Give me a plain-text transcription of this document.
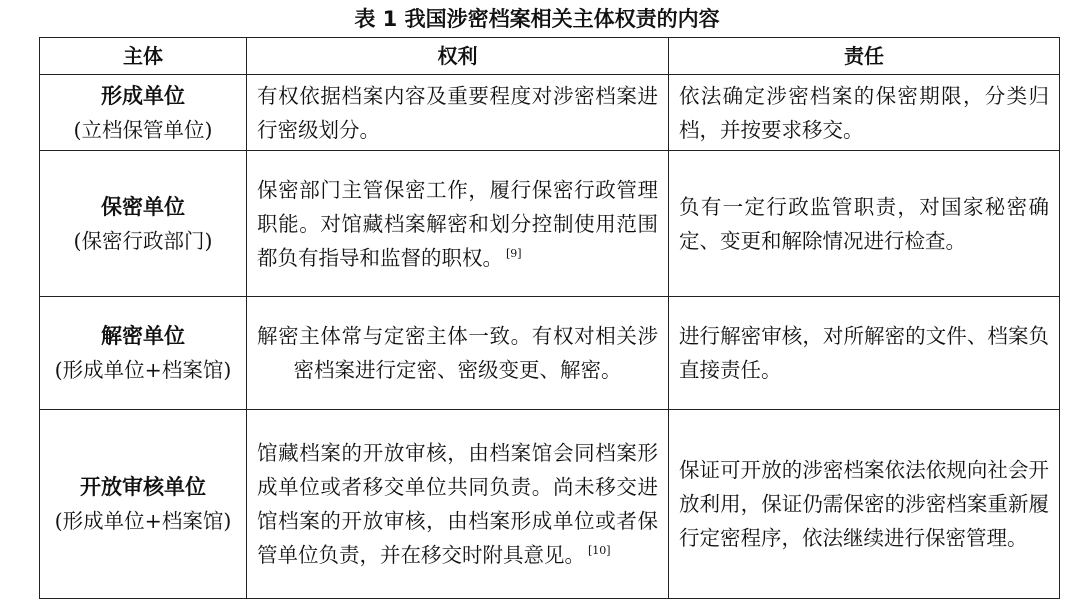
表 1 我国涉密档案相关主体权责的内容
主体	权利	责任

形成单位
(立档保管单位)	有权依据档案内容及重要程度对涉密档案进行密级划分。	依法确定涉密档案的保密期限，分类归档，并按要求移交。

保密单位
(保密行政部门)	保密部门主管保密工作，履行保密行政管理职能。对馆藏档案解密和划分控制使用范围都负有指导和监督的职权。 [9]	负有一定行政监管职责，对国家秘密确定、变更和解除情况进行检查。

解密单位
(形成单位+档案馆)	解密主体常与定密主体一致。有权对相关涉密档案进行定密、密级变更、解密。	进行解密审核，对所解密的文件、档案负直接责任。

开放审核单位
(形成单位+档案馆)	馆藏档案的开放审核，由档案馆会同档案形成单位或者移交单位共同负责。尚未移交进馆档案的开放审核，由档案形成单位或者保管单位负责，并在移交时附具意见。 [10]	保证可开放的涉密档案依法依规向社会开放利用，保证仍需保密的涉密档案重新履行定密程序，依法继续进行保密管理。
